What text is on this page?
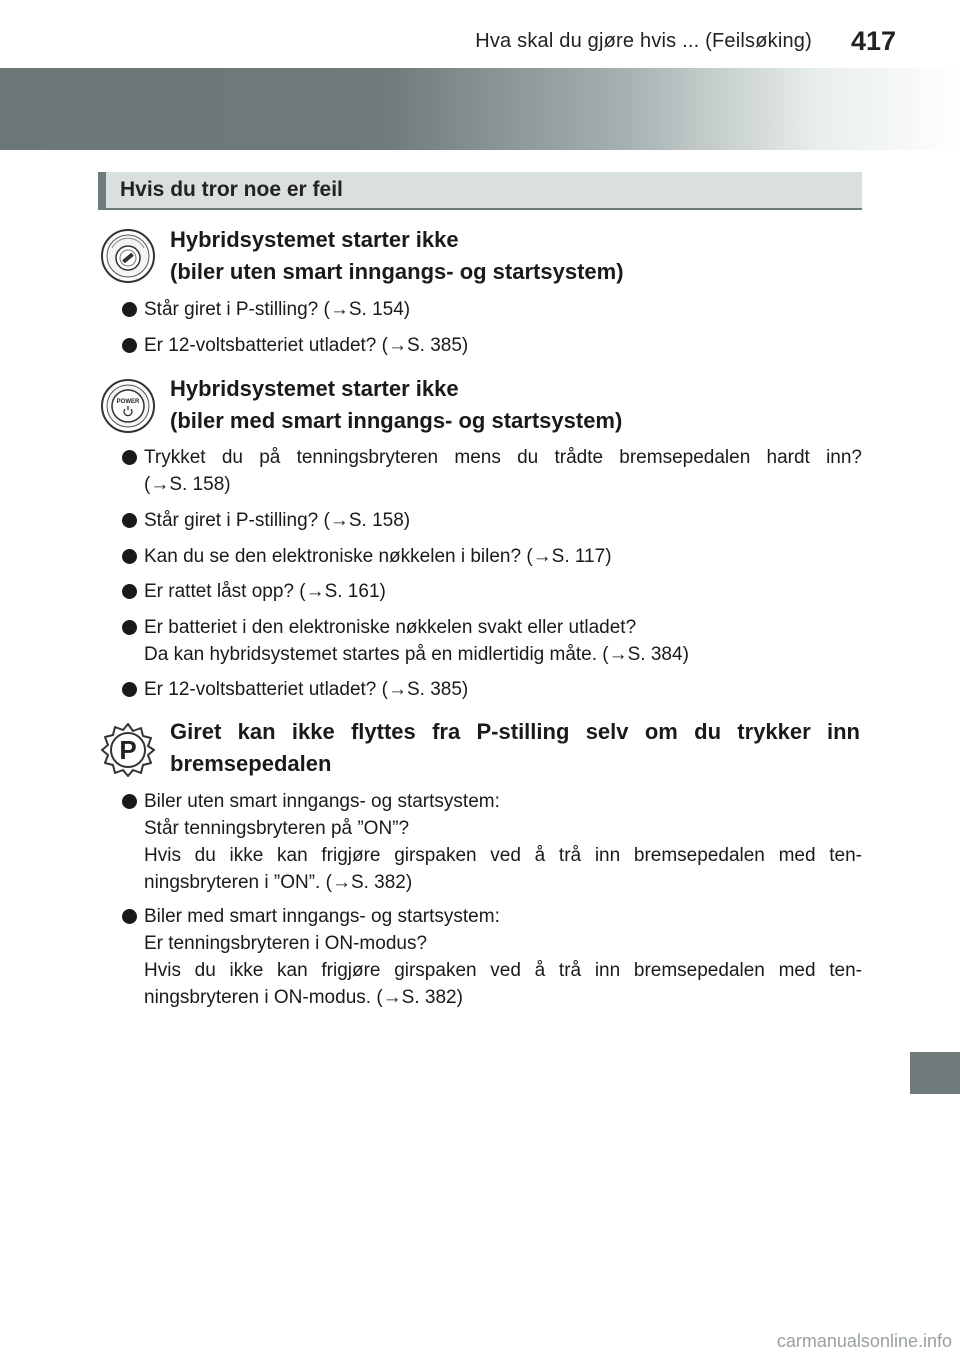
Hva skal du gjøre hvis ... (Feilsøking) 417
Hvis du tror noe er feil
Hybridsystemet starter ikke
(biler uten smart inngangs- og startsystem)
Står giret i P-stilling? (→S. 154)
Er 12-voltsbatteriet utladet? (→S. 385)
POWER
Hybridsystemet starter ikke
(biler med smart inngangs- og startsystem)
Trykket du på tenningsbryteren mens du trådte bremsepedalen hardt inn?
(→S. 158)
Står giret i P-stilling? (→S. 158)
Kan du se den elektroniske nøkkelen i bilen? (→S. 117)
Er rattet låst opp? (→S. 161)
Er batteriet i den elektroniske nøkkelen svakt eller utladet?
Da kan hybridsystemet startes på en midlertidig måte. (→S. 384)
Er 12-voltsbatteriet utladet? (→S. 385)
P
Giret kan ikke flyttes fra P-stilling selv om du trykker inn
bremsepedalen
Biler uten smart inngangs- og startsystem:
Står tenningsbryteren på ”ON”?
Hvis du ikke kan frigjøre girspaken ved å trå inn bremsepedalen med ten-
ningsbryteren i ”ON”. (→S. 382)
Biler med smart inngangs- og startsystem:
Er tenningsbryteren i ON-modus?
Hvis du ikke kan frigjøre girspaken ved å trå inn bremsepedalen med ten-
ningsbryteren i ON-modus. (→S. 382)
carmanualsonline.info
